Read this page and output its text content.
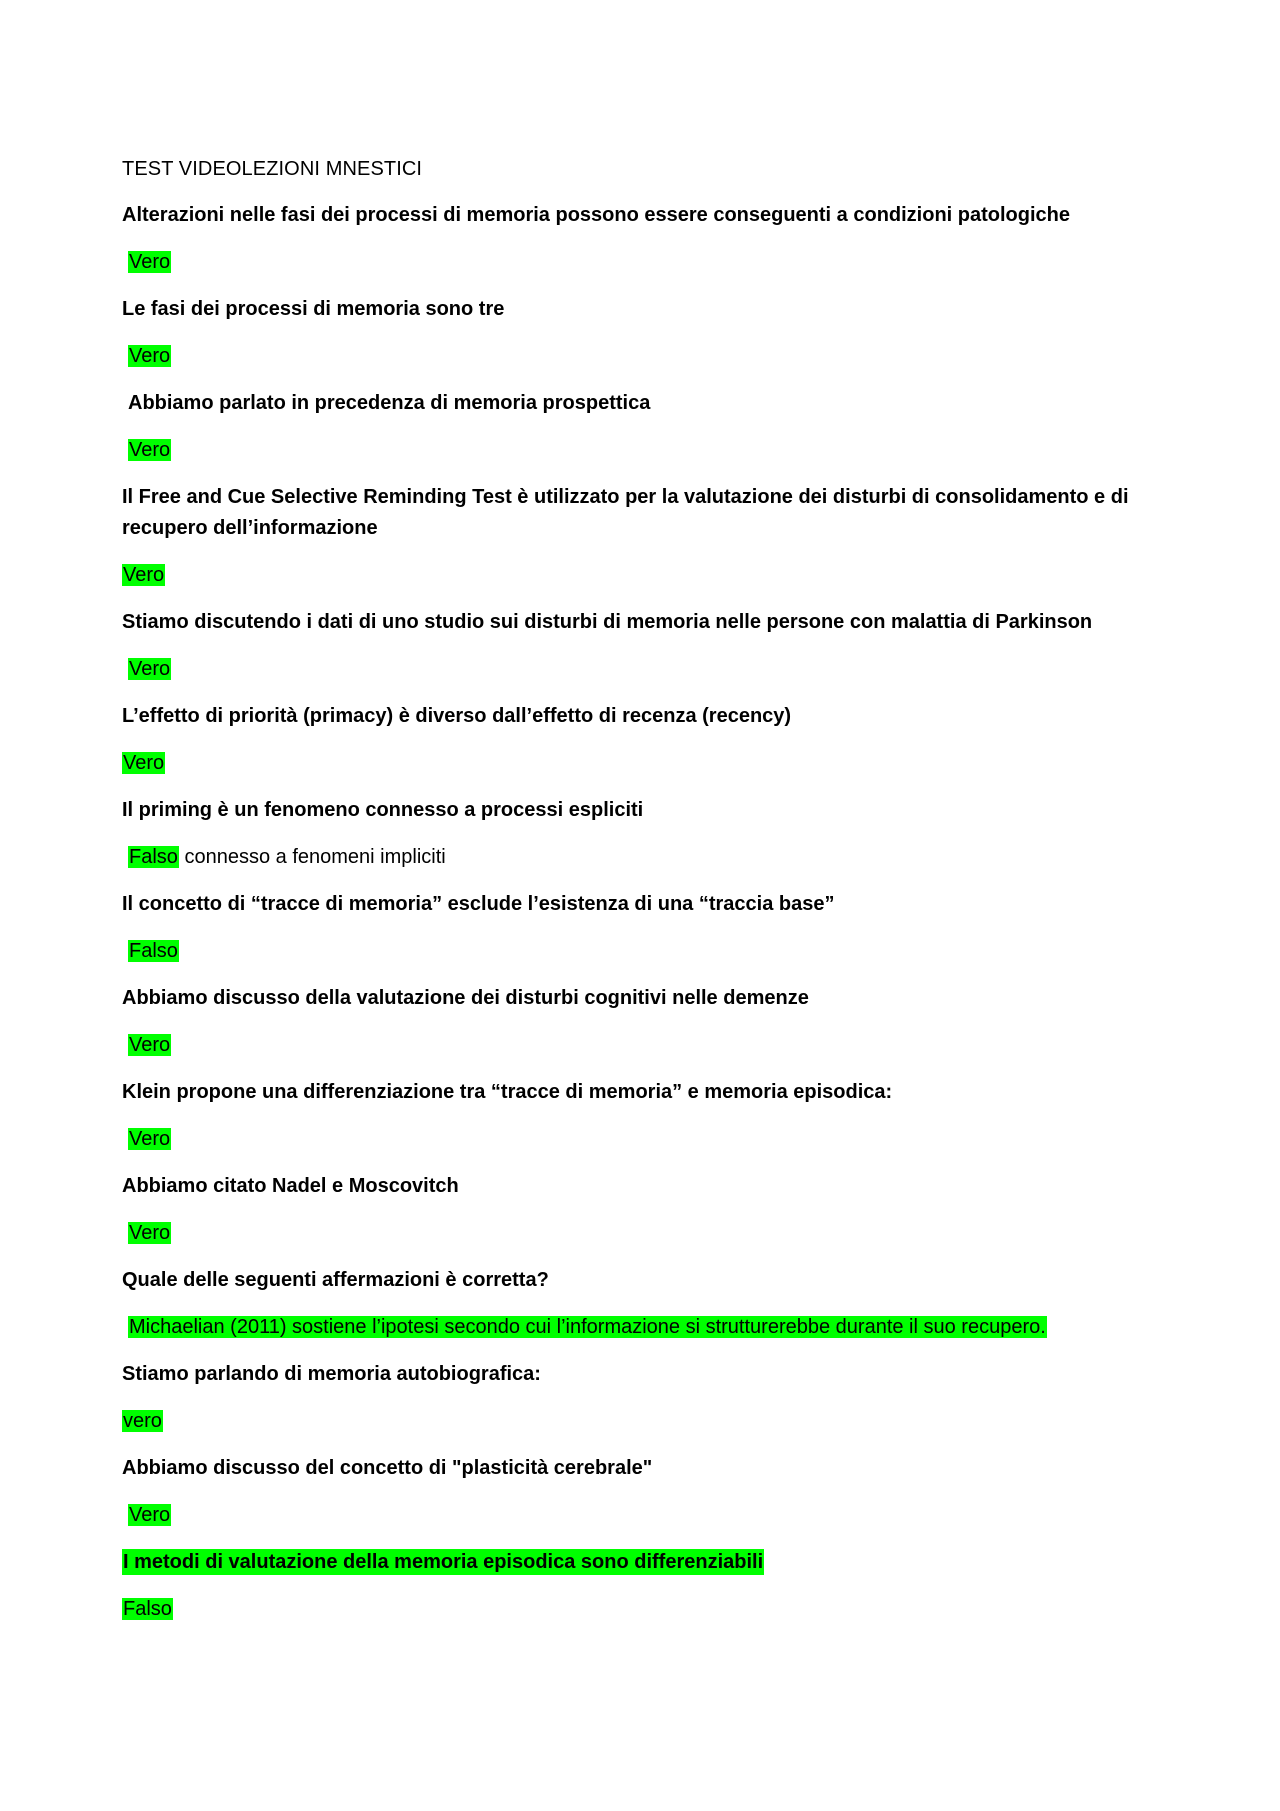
TEST VIDEOLEZIONI MNESTICI
Alterazioni nelle fasi dei processi di memoria possono essere conseguenti a condizioni patologiche
Vero
Le fasi dei processi di memoria sono tre
Vero
Abbiamo parlato in precedenza di memoria prospettica
Vero
Il Free and Cue Selective Reminding Test è utilizzato per la valutazione dei disturbi di consolidamento e di recupero dell’informazione
Vero
Stiamo discutendo i dati di uno studio sui disturbi di memoria nelle persone con malattia di Parkinson
Vero
L’effetto di priorità (primacy) è diverso dall’effetto di recenza (recency)
Vero
Il priming è un fenomeno connesso a processi espliciti
Falso connesso a fenomeni impliciti
Il concetto di “tracce di memoria” esclude l’esistenza di una “traccia base”
Falso
Abbiamo discusso della valutazione dei disturbi cognitivi nelle demenze
Vero
Klein propone una differenziazione tra “tracce di memoria” e memoria episodica:
Vero
Abbiamo citato Nadel e Moscovitch
Vero
Quale delle seguenti affermazioni è corretta?
Michaelian (2011) sostiene l’ipotesi secondo cui l’informazione si strutturerebbe durante il suo recupero.
Stiamo parlando di memoria autobiografica:
vero
Abbiamo discusso del concetto di "plasticità cerebrale"
Vero
I metodi di valutazione della memoria episodica sono differenziabili
Falso
